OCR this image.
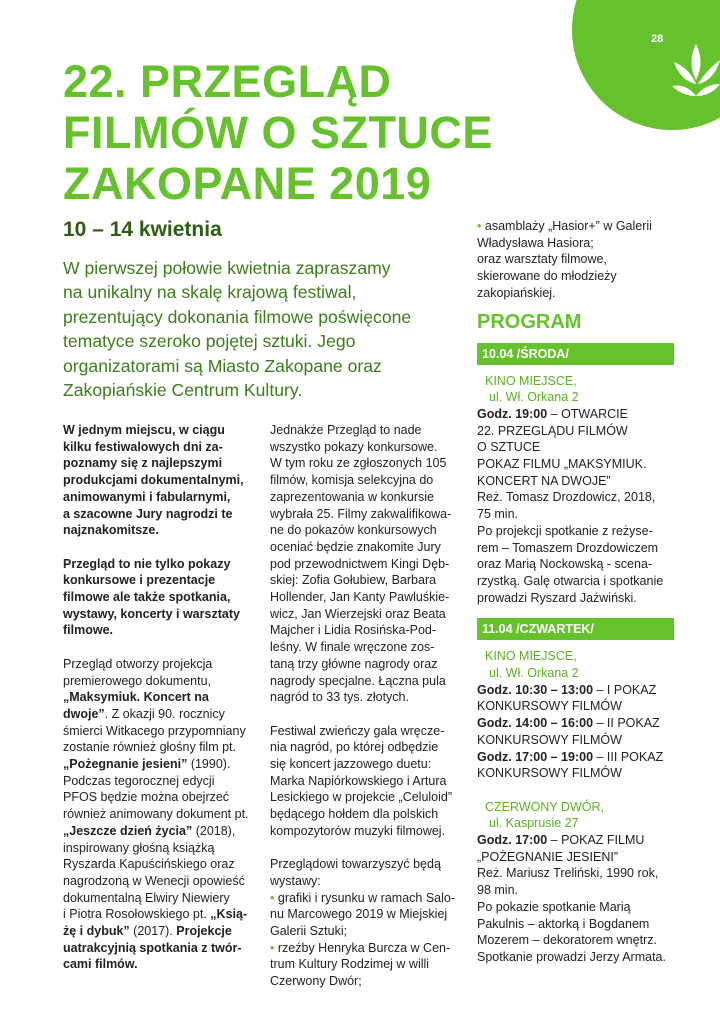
28
22. PRZEGLĄD
FILMÓW O SZTUCE
ZAKOPANE 2019
10 – 14 kwietnia
W pierwszej połowie kwietnia zapraszamy
na unikalny na skalę krajową festiwal,
prezentujący dokonania filmowe poświęcone
tematyce szeroko pojętej sztuki. Jego
organizatorami są Miasto Zakopane oraz
Zakopiańskie Centrum Kultury.
W jednym miejscu, w ciągu
kilku festiwalowych dni za-
poznamy się z najlepszymi
produkcjami dokumentalnymi,
animowanymi i fabularnymi,
a szacowne Jury nagrodzi te
najznakomitsze.
Przegląd to nie tylko pokazy
konkursowe i prezentacje
filmowe ale także spotkania,
wystawy, koncerty i warsztaty
filmowe.
Przegląd otworzy projekcja
premierowego dokumentu,
„Maksymiuk. Koncert na
dwoje”. Z okazji 90. rocznicy
śmierci Witkacego przypomniany
zostanie również głośny film pt.
„Pożegnanie jesieni” (1990).
Podczas tegorocznej edycji
PFOS będzie można obejrzeć
również animowany dokument pt.
„Jeszcze dzień życia” (2018),
inspirowany głośną książką
Ryszarda Kapuścińskiego oraz
nagrodzoną w Wenecji opowieść
dokumentalną Elwiry Niewiery
i Piotra Rosołowskiego pt. „Ksią-
żę i dybuk” (2017). Projekcje
uatrakcyjnią spotkania z twór-
cami filmów.
Jednakże Przegląd to nade
wszystko pokazy konkursowe.
W tym roku ze zgłoszonych 105
filmów, komisja selekcyjna do
zaprezentowania w konkursie
wybrała 25. Filmy zakwalifikowa-
ne do pokazów konkursowych
oceniać będzie znakomite Jury
pod przewodnictwem Kingi Dęb-
skiej: Zofia Gołubiew, Barbara
Hollender, Jan Kanty Pawluśkie-
wicz, Jan Wierzejski oraz Beata
Majcher i Lidia Rosińska-Pod-
leśny. W finale wręczone zos-
taną trzy główne nagrody oraz
nagrody specjalne. Łączna pula
nagród to 33 tys. złotych.
Festiwal zwieńczy gala wręcze-
nia nagród, po której odbędzie
się koncert jazzowego duetu:
Marka Napiórkowskiego i Artura
Lesickiego w projekcie „Celuloid”
będącego hołdem dla polskich
kompozytorów muzyki filmowej.
Przeglądowi towarzyszyć będą
wystawy:
• grafiki i rysunku w ramach Salo-
nu Marcowego 2019 w Miejskiej
Galerii Sztuki;
• rzeźby Henryka Burcza w Cen-
trum Kultury Rodzimej w willi
Czerwony Dwór;
• asamblaży „Hasior+” w Galerii
Władysława Hasiora;
oraz warsztaty filmowe,
skierowane do młodzieży
zakopiańskiej.
PROGRAM
10.04 /ŚRODA/
KINO MIEJSCE,
ul. Wł. Orkana 2
Godz. 19:00 – OTWARCIE
22. PRZEGLĄDU FILMÓW
O SZTUCE
POKAZ FILMU „MAKSYMIUK.
KONCERT NA DWOJE”
Reż. Tomasz Drozdowicz, 2018,
75 min.
Po projekcji spotkanie z reżyse-
rem – Tomaszem Drozdowiczem
oraz Marią Nockowską - scena-
rzystką. Galę otwarcia i spotkanie
prowadzi Ryszard Jaźwiński.
11.04 /CZWARTEK/
KINO MIEJSCE,
ul. Wł. Orkana 2
Godz. 10:30 – 13:00 – I POKAZ
KONKURSOWY FILMÓW
Godz. 14:00 – 16:00 – II POKAZ
KONKURSOWY FILMÓW
Godz. 17:00 – 19:00 – III POKAZ
KONKURSOWY FILMÓW
CZERWONY DWÓR,
ul. Kasprusie 27
Godz. 17:00 – POKAZ FILMU
„POŻEGNANIE JESIENI”
Reż. Mariusz Treliński, 1990 rok,
98 min.
Po pokazie spotkanie Marią
Pakulnis – aktorką i Bogdanem
Mozerem – dekoratorem wnętrz.
Spotkanie prowadzi Jerzy Armata.
